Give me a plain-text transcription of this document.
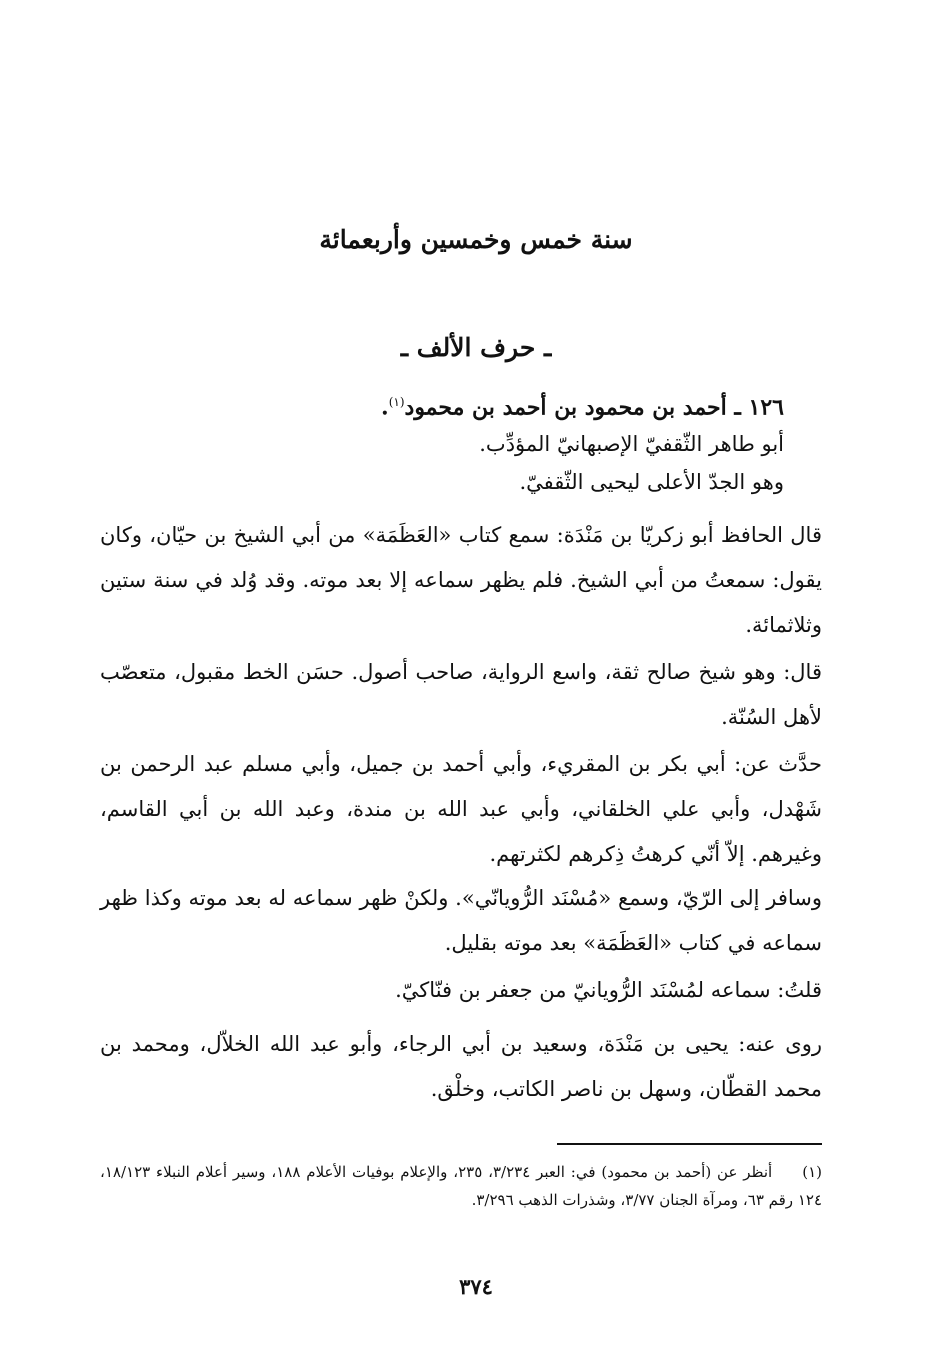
سنة خمس وخمسين وأربعمائة
ـ حرف الألف ـ
١٢٦ ـ أحمد بن محمود بن أحمد بن محمود$^{(١)}$.
أبو طاهر الثّقفيّ الإصبهانيّ المؤدِّب.
وهو الجدّ الأعلى ليحيى الثّقفيّ.
قال الحافظ أبو زكريّا بن مَنْدَة: سمع كتاب «العَظَمَة» من أبي الشيخ بن حيّان، وكان يقول: سمعتُ من أبي الشيخ. فلم يظهر سماعه إلا بعد موته. وقد وُلد في سنة ستين وثلاثمائة.
قال: وهو شيخ صالح ثقة، واسع الرواية، صاحب أصول. حسَن الخط مقبول، متعصّب لأهل السُنّة.
حدَّث عن: أبي بكر بن المقريء، وأبي أحمد بن جميل، وأبي مسلم عبد الرحمن بن شَهْدل، وأبي علي الخلقاني، وأبي عبد الله بن مندة، وعبد الله بن أبي القاسم، وغيرهم. إلاّ أنّي كرهتُ ذِكرهم لكثرتهم.
وسافر إلى الرّيّ، وسمع «مُسْنَد الرُّويانّي». ولكنْ ظهر سماعه له بعد موته وكذا ظهر سماعه في كتاب «العَظَمَة» بعد موته بقليل.
قلتُ: سماعه لمُسْنَد الرُّويانيّ من جعفر بن فنّاكيّ.
روى عنه: يحيى بن مَنْدَة، وسعيد بن أبي الرجاء، وأبو عبد الله الخلاّل، ومحمد بن محمد القطّان، وسهل بن ناصر الكاتب، وخلْق.
(١)أنظر عن (أحمد بن محمود) في: العبر ٣/٢٣٤، ٢٣٥، والإعلام بوفيات الأعلام ١٨٨، وسير أعلام النبلاء ١٨/١٢٣، ١٢٤ رقم ٦٣، ومرآة الجنان ٣/٧٧، وشذرات الذهب ٣/٢٩٦.
٣٧٤
